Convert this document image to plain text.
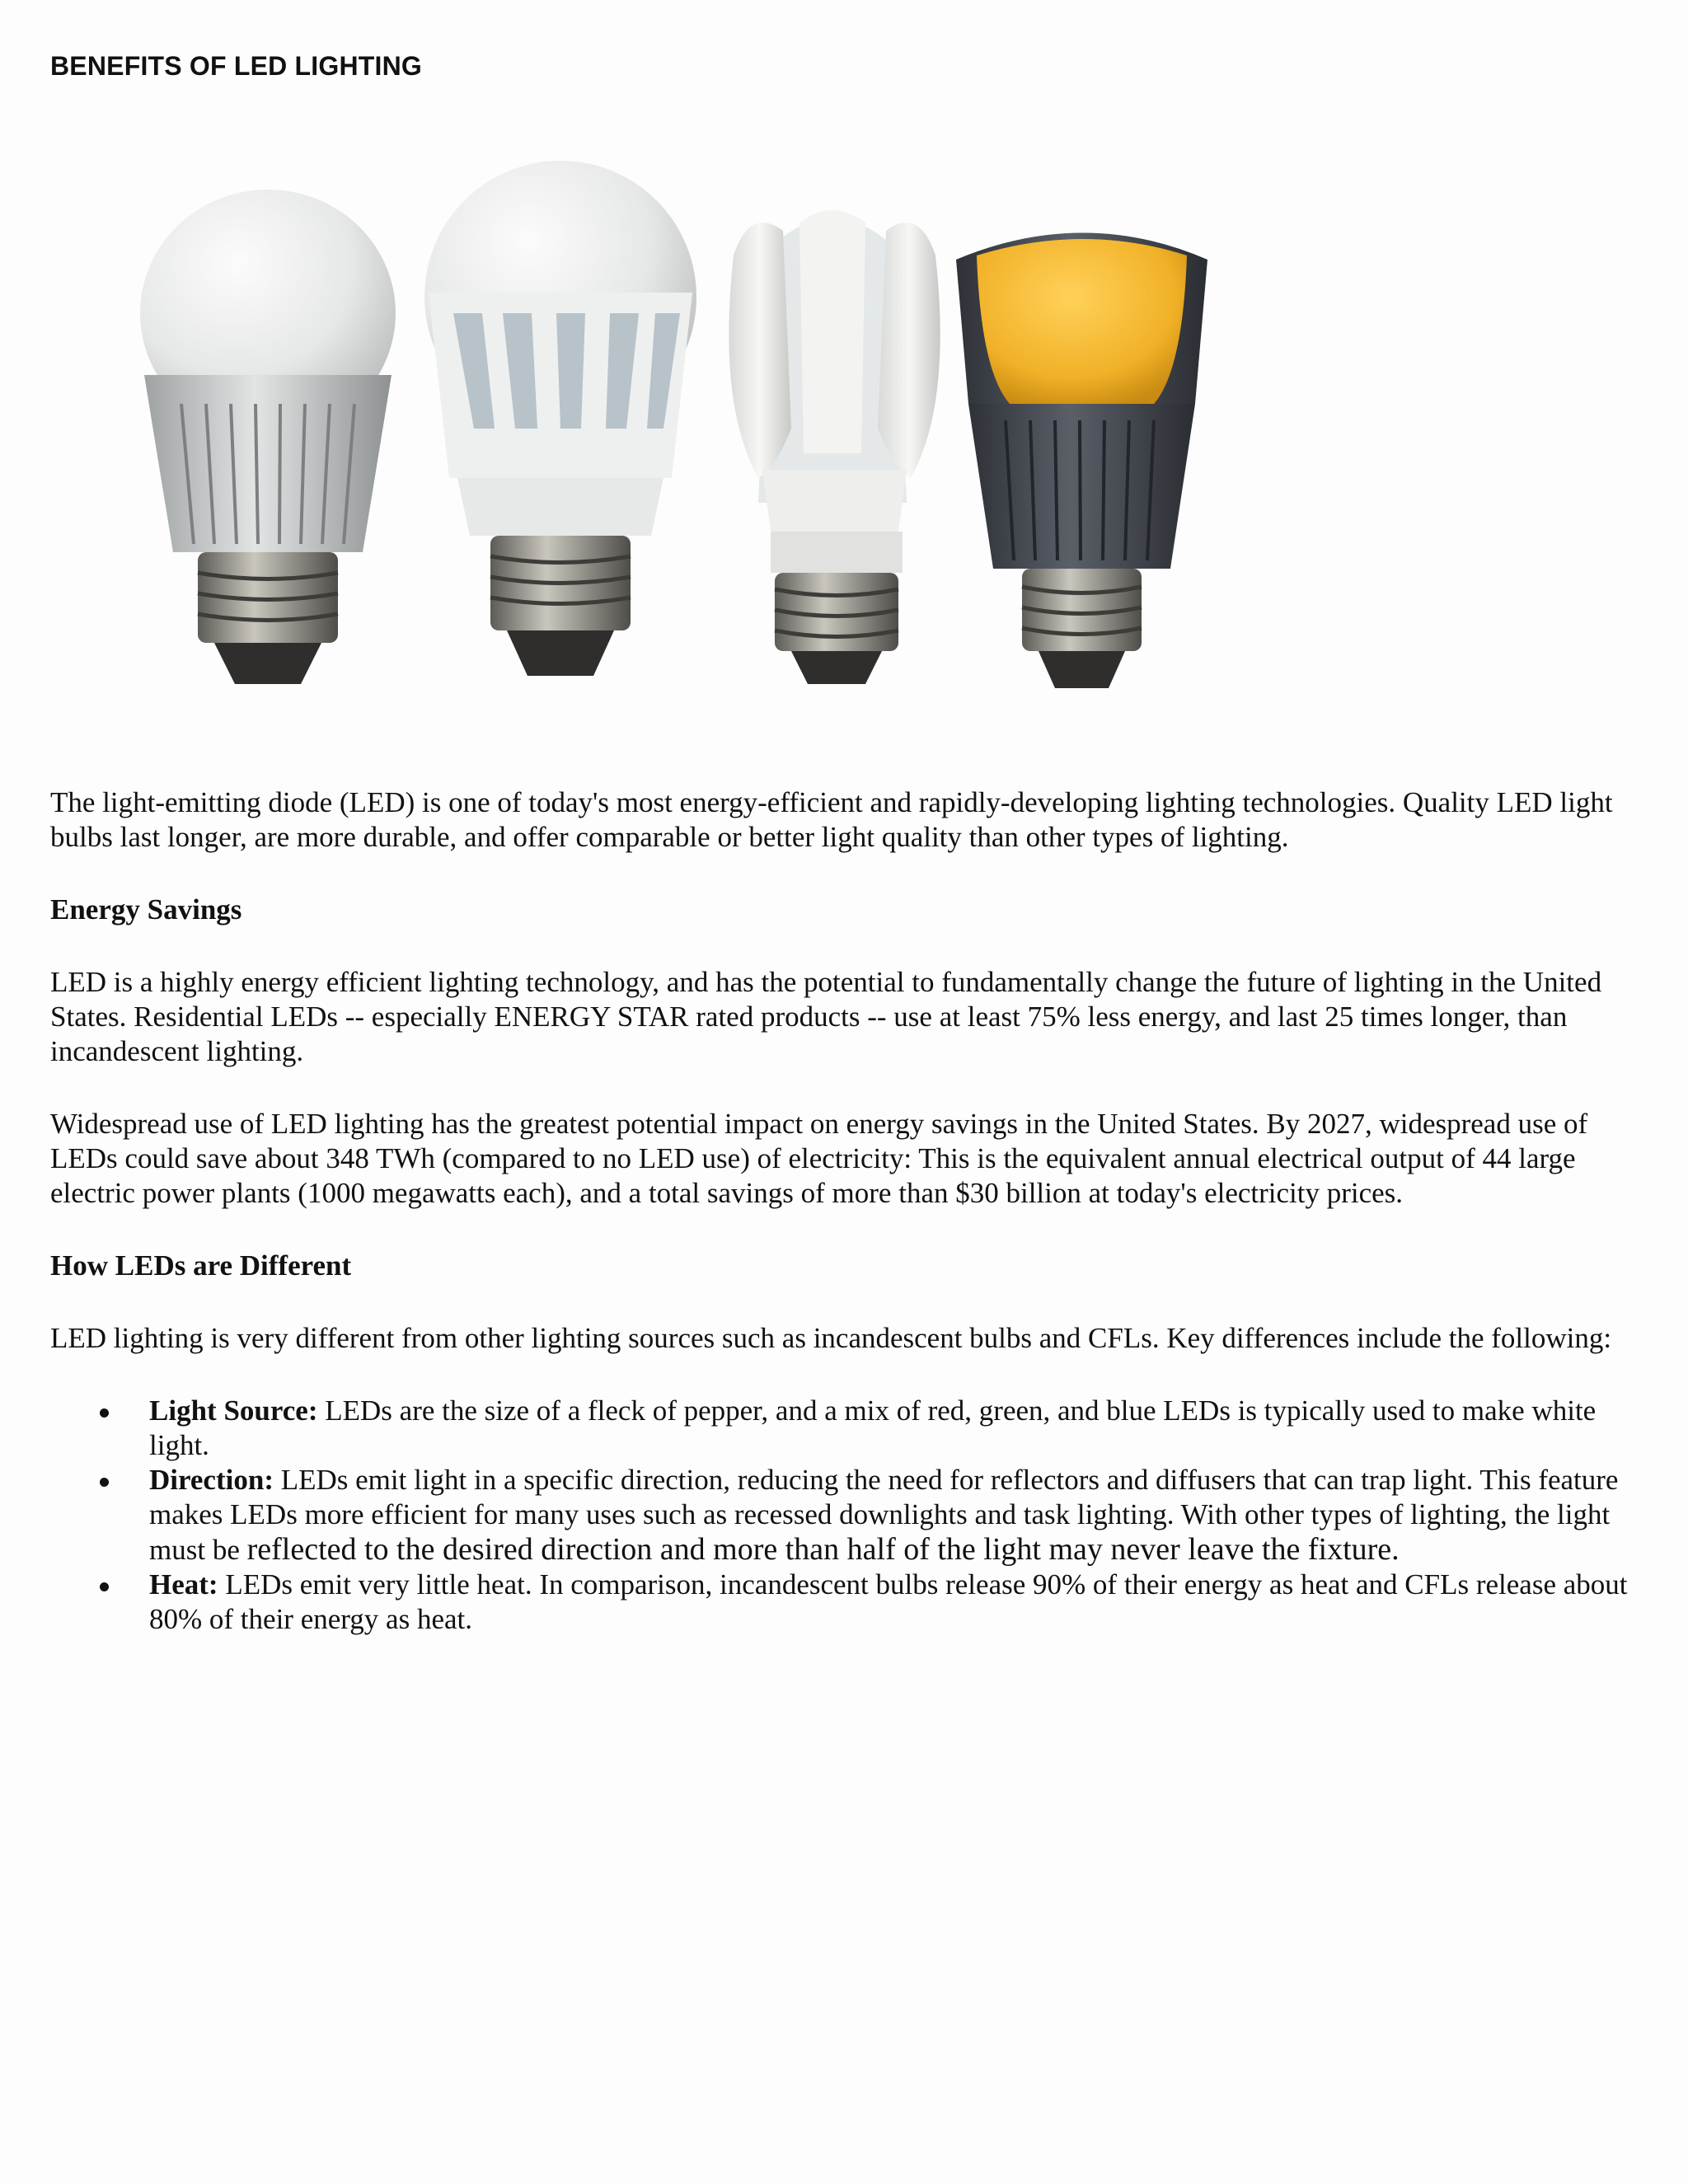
BENEFITS OF LED LIGHTING

The light-emitting diode (LED) is one of today's most energy-efficient and rapidly-developing lighting technologies. Quality LED light bulbs last longer, are more durable, and offer comparable or better light quality than other types of lighting.

Energy Savings

LED is a highly energy efficient lighting technology, and has the potential to fundamentally change the future of lighting in the United States. Residential LEDs -- especially ENERGY STAR rated products -- use at least 75% less energy, and last 25 times longer, than incandescent lighting.

Widespread use of LED lighting has the greatest potential impact on energy savings in the United States. By 2027, widespread use of LEDs could save about 348 TWh (compared to no LED use) of electricity: This is the equivalent annual electrical output of 44 large electric power plants (1000 megawatts each), and a total savings of more than $30 billion at today's electricity prices.

How LEDs are Different

LED lighting is very different from other lighting sources such as incandescent bulbs and CFLs. Key differences include the following:

Light Source: LEDs are the size of a fleck of pepper, and a mix of red, green, and blue LEDs is typically used to make white light.
Direction: LEDs emit light in a specific direction, reducing the need for reflectors and diffusers that can trap light. This feature makes LEDs more efficient for many uses such as recessed downlights and task lighting. With other types of lighting, the light must be reflected to the desired direction and more than half of the light may never leave the fixture.
Heat: LEDs emit very little heat. In comparison, incandescent bulbs release 90% of their energy as heat and CFLs release about 80% of their energy as heat.
